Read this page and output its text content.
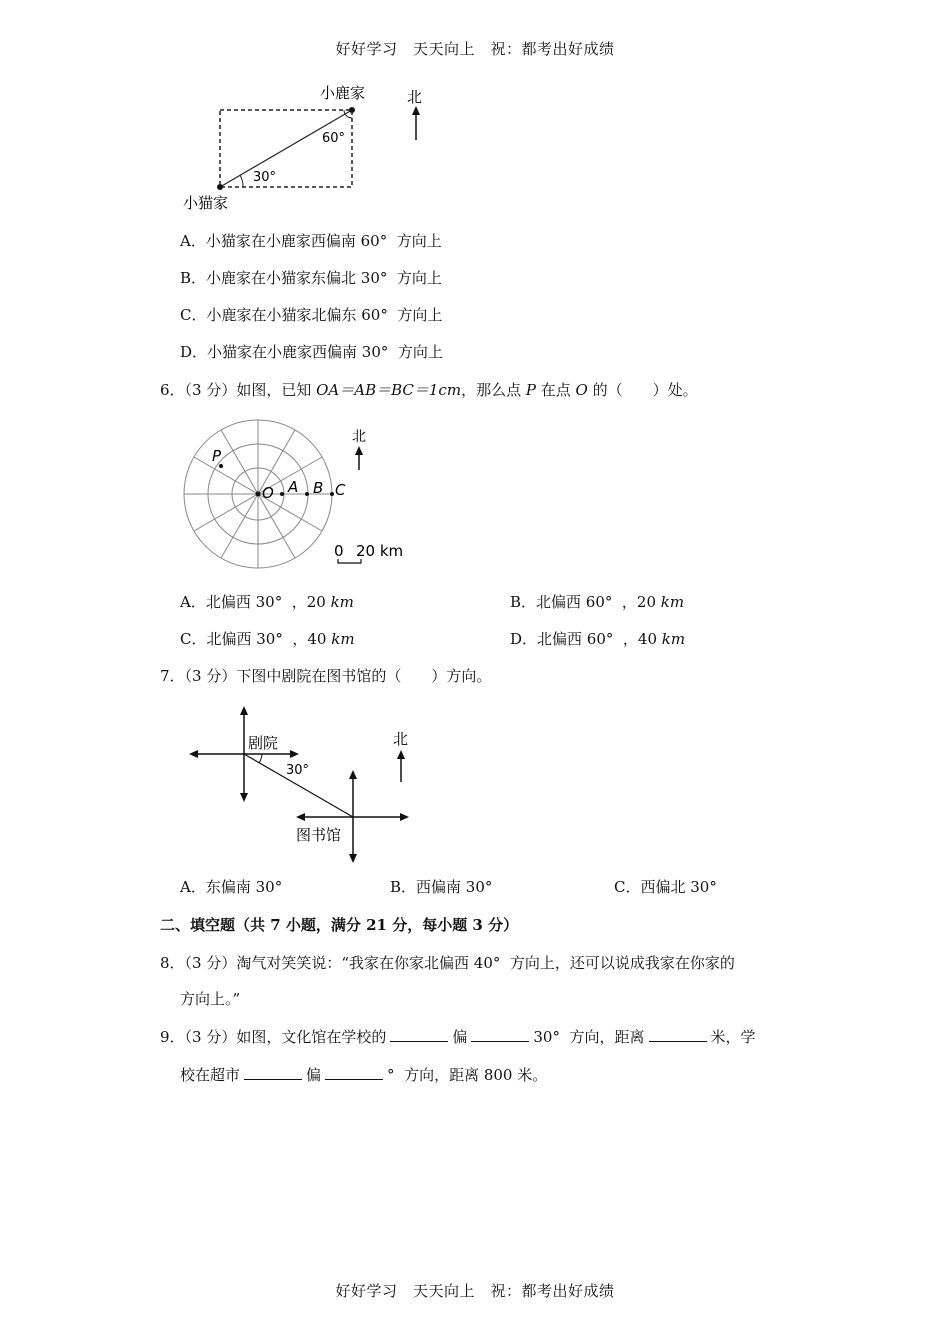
好好学习　天天向上　祝：都考出好成绩
小鹿家
小猫家
60°
30°
北
A．小猫家在小鹿家西偏南 60°  方向上
B．小鹿家在小猫家东偏北 30°  方向上
C．小鹿家在小猫家北偏东 60°  方向上
D．小猫家在小鹿家西偏南 30°  方向上
6．（3 分）如图，已知 OA＝AB＝BC＝1cm，那么点 P 在点 O 的（　　）处。
P
O A B C
北
0 20 km
A．北偏西 30°  ，20 km	B．北偏西 60°  ，20 km
C．北偏西 30°  ，40 km	D．北偏西 60°  ，40 km
7．（3 分）下图中剧院在图书馆的（　　）方向。
剧院
30°
图书馆
北
A．东偏南 30°	B．西偏南 30°	C．西偏北 30°
二、填空题（共 7 小题，满分 21 分，每小题 3 分）
8．（3 分）淘气对笑笑说：“我家在你家北偏西 40°  方向上，还可以说成我家在你家的
方向上。”
9．（3 分）如图，文化馆在学校的	偏	30°  方向，距离	米，学
校在超市	偏	°  方向，距离 800 米。
好好学习　天天向上　祝：都考出好成绩
